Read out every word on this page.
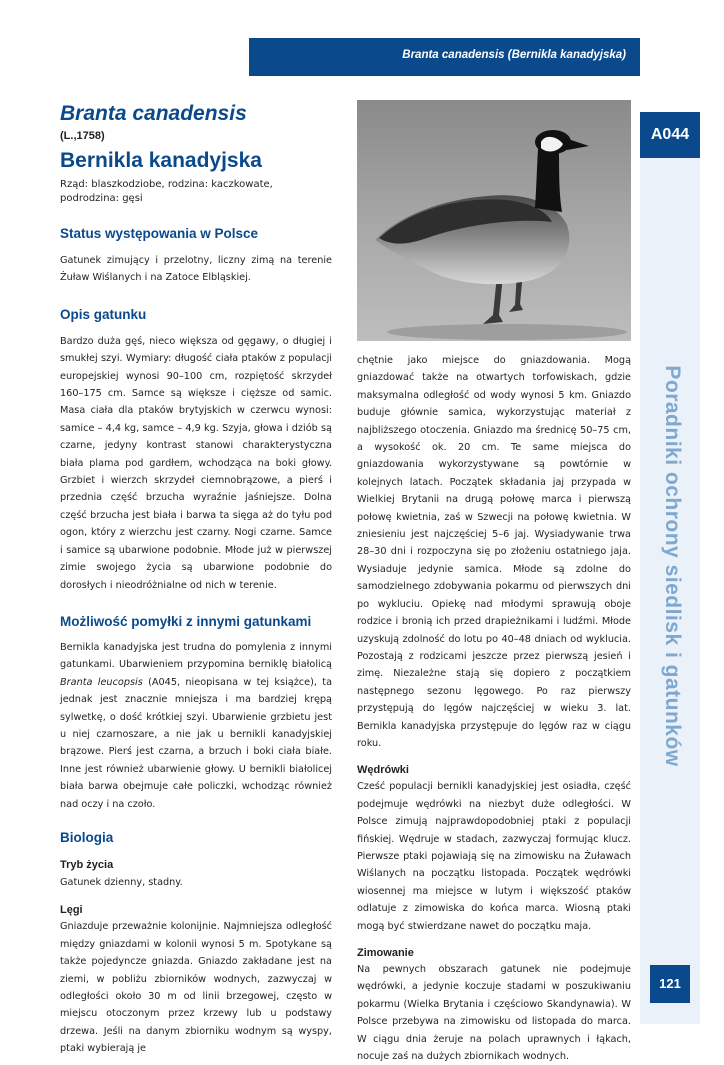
Branta canadensis (Bernikla kanadyjska)
A044
Poradniki ochrony siedlisk i gatunków
121
Branta canadensis
(L.,1758)
Bernikla kanadyjska
Rząd: blaszkodziobe, rodzina: kaczkowate, podrodzina: gęsi
Status występowania w Polsce

Gatunek zimujący i przelotny, liczny zimą na terenie Żuław Wiślanych i na Zatoce Elbląskiej.

Opis gatunku

Bardzo duża gęś, nieco większa od gęgawy, o długiej i smukłej szyi. Wymiary: długość ciała ptaków z populacji europejskiej wynosi 90–100 cm, rozpiętość skrzydeł 160–175 cm. Samce są większe i cięższe od samic. Masa ciała dla ptaków brytyjskich w czerwcu wynosi: samice – 4,4 kg, samce – 4,9 kg. Szyja, głowa i dziób są czarne, jedyny kontrast stanowi charakterystyczna biała plama pod gardłem, wchodząca na boki głowy. Grzbiet i wierzch skrzydeł ciemnobrązowe, a pierś i przednia część brzucha wyraźnie jaśniejsze. Dolna część brzucha jest biała i barwa ta sięga aż do tyłu pod ogon, który z wierzchu jest czarny. Nogi czarne. Samce i samice są ubarwione podobnie. Młode już w pierwszej zimie swojego życia są ubarwione podobnie do dorosłych i nieodróżnialne od nich w terenie.

Możliwość pomyłki z innymi gatunkami

Bernikla kanadyjska jest trudna do pomylenia z innymi gatunkami. Ubarwieniem przypomina berniklę białolicą Branta leucopsis (A045, nieopisana w tej książce), ta jednak jest znacznie mniejsza i ma bardziej krępą sylwetkę, o dość krótkiej szyi. Ubarwienie grzbietu jest u niej czarnoszare, a nie jak u bernikli kanadyjskiej brązowe. Pierś jest czarna, a brzuch i boki ciała białe. Inne jest również ubarwienie głowy. U bernikli białolicej biała barwa obejmuje całe policzki, wchodząc również nad oczy i na czoło.

Biologia
Tryb życia

Gatunek dzienny, stadny.

Lęgi

Gniazduje przeważnie kolonijnie. Najmniejsza odległość między gniazdami w kolonii wynosi 5 m. Spotykane są także pojedyncze gniazda. Gniazdo zakładane jest na ziemi, w pobliżu zbiorników wodnych, zazwyczaj w odległości około 30 m od linii brzegowej, często w miejscu otoczonym przez krzewy lub u podstawy drzewa. Jeśli na danym zbiorniku wodnym są wyspy, ptaki wybierają je

chętnie jako miejsce do gniazdowania. Mogą gniazdować także na otwartych torfowiskach, gdzie maksymalna odległość od wody wynosi 5 km. Gniazdo buduje głównie samica, wykorzystując materiał z najbliższego otoczenia. Gniazdo ma średnicę 50–75 cm, a wysokość ok. 20 cm. Te same miejsca do gniazdowania wykorzystywane są powtórnie w kolejnych latach. Początek składania jaj przypada w Wielkiej Brytanii na drugą połowę marca i pierwszą połowę kwietnia, zaś w Szwecji na połowę kwietnia. W zniesieniu jest najczęściej 5–6 jaj. Wysiadywanie trwa 28–30 dni i rozpoczyna się po złożeniu ostatniego jaja. Wysiaduje jedynie samica. Młode są zdolne do samodzielnego zdobywania pokarmu od pierwszych dni po wykluciu. Opiekę nad młodymi sprawują oboje rodzice i bronią ich przed drapieżnikami i ludźmi. Młode uzyskują zdolność do lotu po 40–48 dniach od wyklucia. Pozostają z rodzicami jeszcze przez pierwszą jesień i zimę. Niezależne stają się dopiero z początkiem następnego sezonu lęgowego. Po raz pierwszy przystępują do lęgów najczęściej w wieku 3. lat. Bernikla kanadyjska przystępuje do lęgów raz w ciągu roku.

Wędrówki

Cześć populacji bernikli kanadyjskiej jest osiadła, część podejmuje wędrówki na niezbyt duże odległości. W Polsce zimują najprawdopodobniej ptaki z populacji fińskiej. Wędruje w stadach, zazwyczaj formując klucz. Pierwsze ptaki pojawiają się na zimowisku na Żuławach Wiślanych na początku listopada. Początek wędrówki wiosennej ma miejsce w lutym i większość ptaków odlatuje z zimowiska do końca marca. Wiosną ptaki mogą być stwierdzane nawet do początku maja.

Zimowanie

Na pewnych obszarach gatunek nie podejmuje wędrówki, a jedynie koczuje stadami w poszukiwaniu pokarmu (Wielka Brytania i częściowo Skandynawia). W Polsce przebywa na zimowisku od listopada do marca. W ciągu dnia żeruje na polach uprawnych i łąkach, nocuje zaś na dużych zbiornikach wodnych.
